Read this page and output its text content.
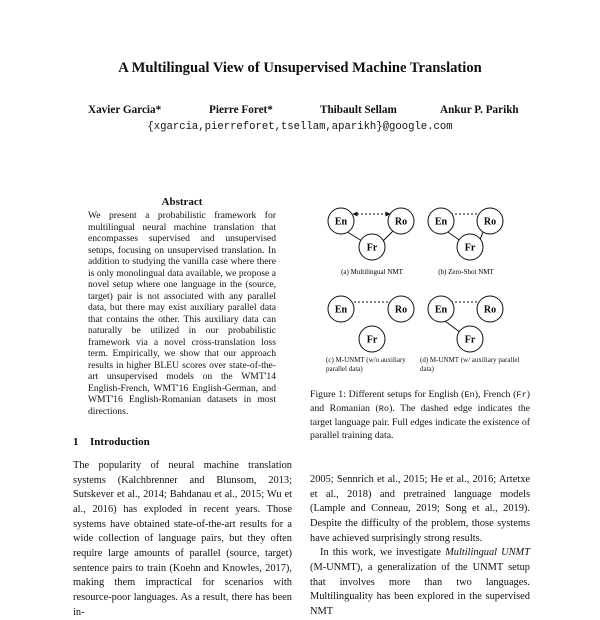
A Multilingual View of Unsupervised Machine Translation
Xavier Garcia*	Pierre Foret*	Thibault Sellam	Ankur P. Parikh
{xgarcia,pierreforet,tsellam,aparikh}@google.com
Abstract
We present a probabilistic framework for multilingual neural machine translation that encompasses supervised and unsupervised setups, focusing on unsupervised translation. In addition to studying the vanilla case where there is only monolingual data available, we propose a novel setup where one language in the (source, target) pair is not associated with any parallel data, but there may exist auxiliary parallel data that contains the other. This auxiliary data can naturally be utilized in our probabilistic framework via a novel cross-translation loss term. Empirically, we show that our approach results in higher BLEU scores over state-of-the-art unsupervised models on the WMT'14 English-French, WMT'16 English-German, and WMT'16 English-Romanian datasets in most directions.
1 Introduction
The popularity of neural machine translation systems (Kalchbrenner and Blunsom, 2013; Sutskever et al., 2014; Bahdanau et al., 2015; Wu et al., 2016) has exploded in recent years. Those systems have obtained state-of-the-art results for a wide collection of language pairs, but they often require large amounts of parallel (source, target) sentence pairs to train (Koehn and Knowles, 2017), making them impractical for scenarios with resource-poor languages. As a result, there has been in-
En	Ro
Fr
(a) Multilingual NMT
En	Ro
Fr
(b) Zero-Shot NMT
En	Ro
Fr
En	Ro
Fr
(c) M-UNMT (w/o auxiliary parallel data)
(d) M-UNMT (w/ auxiliary parallel data)
Figure 1: Different setups for English (En), French (Fr) and Romanian (Ro). The dashed edge indicates the target language pair. Full edges indicate the existence of parallel training data.

2005; Sennrich et al., 2015; He et al., 2016; Artetxe et al., 2018) and pretrained language models (Lample and Conneau, 2019; Song et al., 2019). Despite the difficulty of the problem, those systems have achieved surprisingly strong results.

In this work, we investigate Multilingual UNMT (M-UNMT), a generalization of the UNMT setup that involves more than two languages. Multilinguality has been explored in the supervised NMT
